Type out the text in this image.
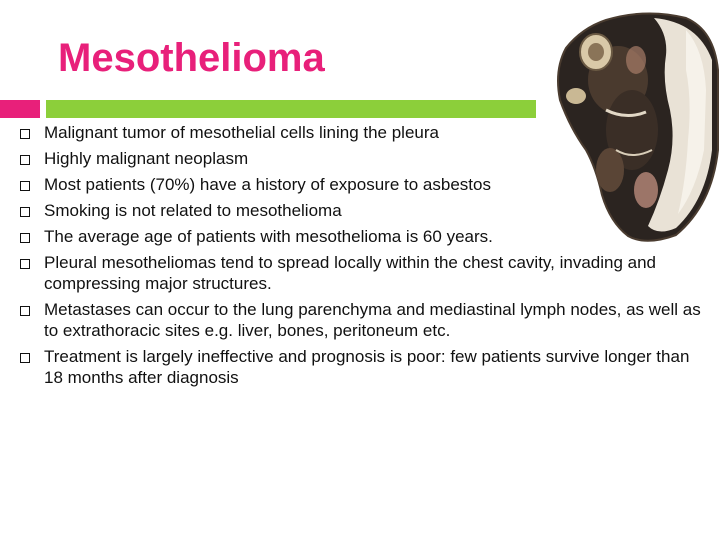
Mesothelioma
Malignant tumor of mesothelial cells lining the pleura
Highly malignant neoplasm
Most patients (70%) have a history of exposure to asbestos
Smoking is not related to mesothelioma
The average age of patients with mesothelioma is 60 years.
Pleural mesotheliomas tend to spread locally within the chest cavity, invading and compressing major structures.
Metastases can occur to the lung parenchyma and mediastinal lymph nodes, as well as to extrathoracic sites e.g. liver, bones, peritoneum etc.
Treatment is largely ineffective and prognosis is poor: few patients survive longer than 18 months after diagnosis
